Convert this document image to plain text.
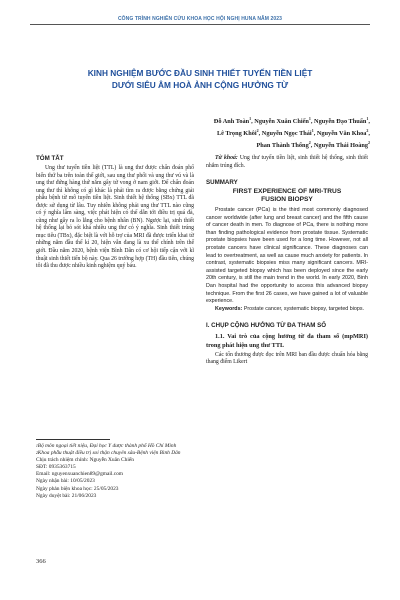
CÔNG TRÌNH NGHIÊN CỨU KHOA HỌC HỘI NGHỊ HUNA NĂM 2023
KINH NGHIỆM BƯỚC ĐẦU SINH THIẾT TUYẾN TIỀN LIỆT
DƯỚI SIÊU ÂM HOÀ ẢNH CỘNG HƯỞNG TỪ
Đỗ Anh Toàn$^1$, Nguyễn Xuân Chiến$^1$, Nguyễn Đạo Thuấn$^1$,
Lê Trọng Khôi$^2$, Nguyễn Ngọc Thái$^1$, Nguyễn Văn Khoa$^2$,
Phan Thành Thống$^2$, Nguyễn Thái Hoàng$^2$
TÓM TẮT
Ung thư tuyến tiền liệt (TTL) là ung thư được chẩn đoán phổ biến thứ ba trên toàn thế giới, sau ung thư phổi và ung thư vú và là ung thư đứng hàng thứ năm gây tử vong ở nam giới. Để chẩn đoán ung thư thì không có gì khác là phải tìm ra được bằng chứng giải phẫu bệnh từ mô tuyến tiền liệt. Sinh thiết hệ thống (SBx) TTL đã được sử dụng từ lâu. Tuy nhiên không phải ung thư TTL nào cũng có ý nghĩa lâm sàng, việc phát hiện có thể dẫn tới điều trị quá đà, cũng như gây ra lo lắng cho bệnh nhân (BN). Ngược lại, sinh thiết hệ thống lại bỏ sót khá nhiều ung thư có ý nghĩa. Sinh thiết trúng mục tiêu (TBx), đặc biệt là với hỗ trợ của MRI đã được triển khai từ những năm đầu thế kỉ 20, hiện vẫn đang là xu thế chính trên thế giới. Đầu năm 2020, bệnh viện Bình Dân có cơ hội tiếp cận với kĩ thuật sinh thiết tiến bộ này. Qua 26 trường hợp (TH) đầu tiên, chúng tôi đã thu được nhiều kinh nghiệm quý báu.
$^1$Bộ môn ngoại tiết niệu, Đại học Y dược thành phố Hồ Chí Minh
$^2$Khoa phẫu thuật điều trị soi thận chuyên sâu-Bệnh viện Bình Dân
Chịu trách nhiệm chính: Nguyễn Xuân Chiến
SĐT: 0935363715
Email: nguyenxuanchien89@gmail.com
Ngày nhận bài: 10/05/2023
Ngày phản biện khoa học: 25/05/2023
Ngày duyệt bài: 21/06/2023
Từ khoá: Ung thư tuyến tiền liệt, sinh thiết hệ thống, sinh thiết nhắm trúng đích.
SUMMARY
FIRST EXPERIENCE OF MRI-TRUS
FUSION BIOPSY
Prostate cancer (PCa) is the third most commonly diagnosed cancer worldwide (after lung and breast cancer) and the fifth cause of cancer death in men. To diagnose of PCa, there is nothing more than finding pathological evidence from prostate tissue. Systematic prostate biopsies have been used for a long time. However, not all prostate cancers have clinical significance. These diagnoses can lead to overtreatment, as well as cause much anxiety for patients. In contrast, systematic biopsies miss many significant cancers. MRI-assisted targeted biopsy which has been deployed since the early 20th century, is still the main trend in the world. In early 2020, Binh Dan hospital had the opportunity to access this advanced biopsy technique. From the first 26 cases, we have gained a lot of valuable experience.
Keywords: Prostate cancer, systematic biopsy, targeted biops.
I. CHỤP CỘNG HƯỞNG TỪ ĐA THAM SỐ
1.1. Vai trò của cộng hưởng từ đa tham số (mpMRI) trong phát hiện ung thư TTL
Các tổn thương được đọc trên MRI ban đầu được chuẩn hóa bằng thang điểm Likert
366
